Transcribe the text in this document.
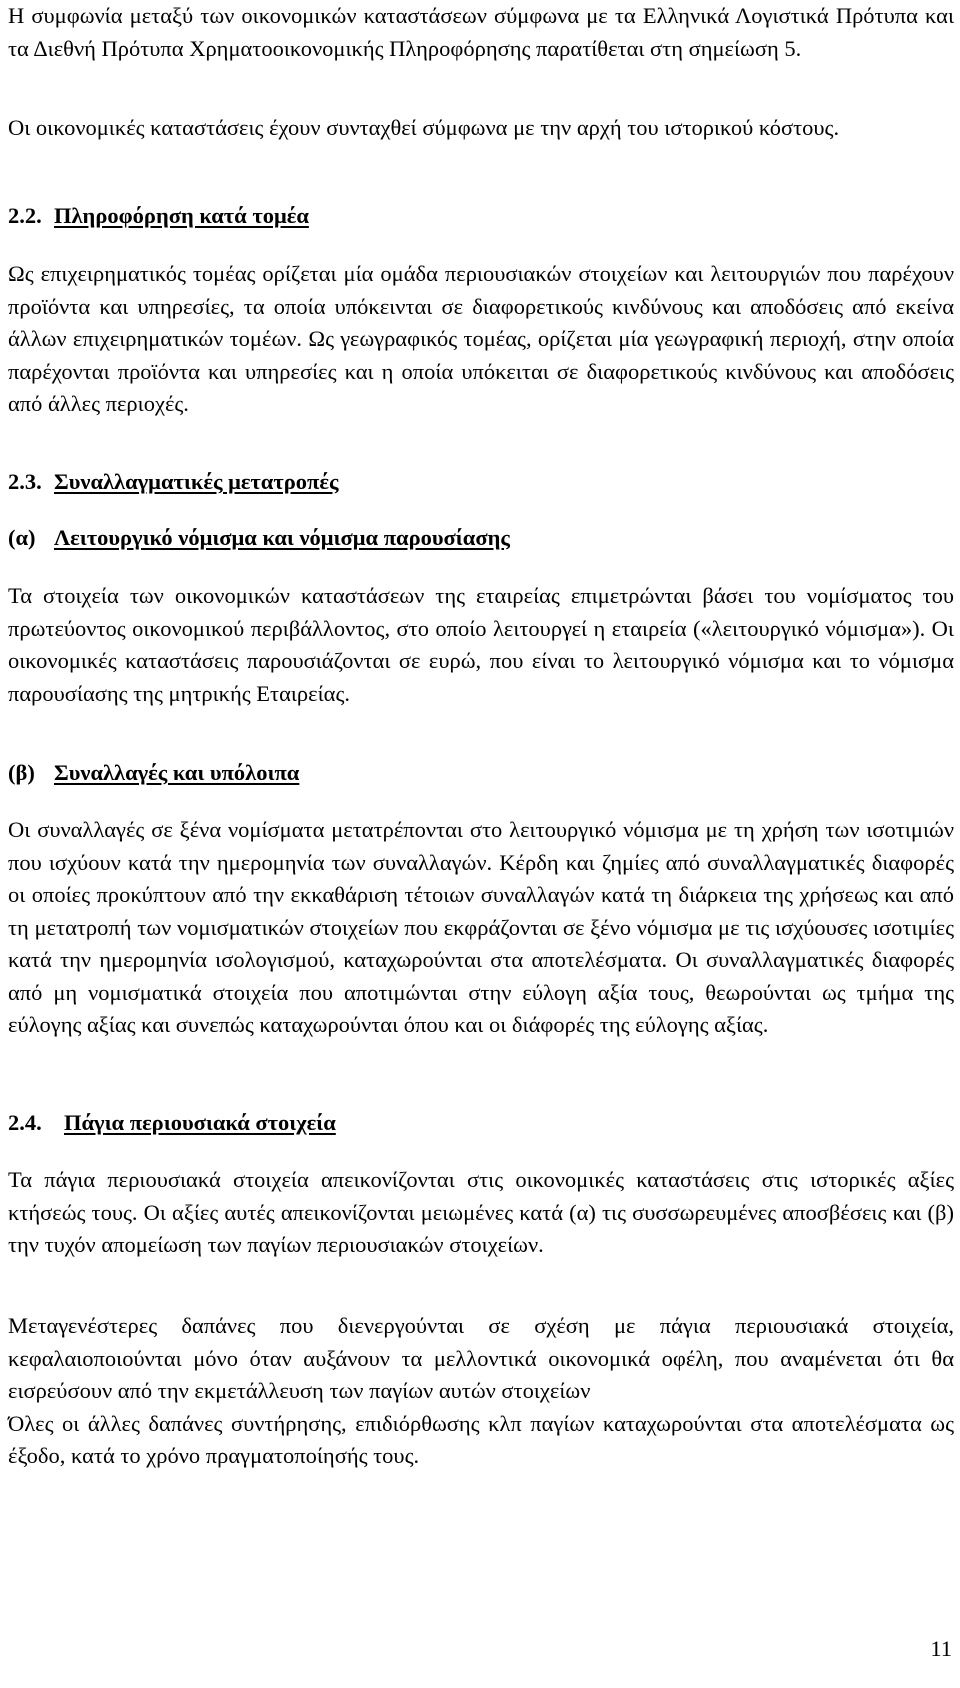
Η συμφωνία μεταξύ των οικονομικών καταστάσεων σύμφωνα με τα Ελληνικά Λογιστικά Πρότυπα και τα Διεθνή Πρότυπα Χρηματοοικονομικής Πληροφόρησης παρατίθεται στη σημείωση 5.

Οι οικονομικές καταστάσεις έχουν συνταχθεί σύμφωνα με την αρχή του ιστορικού κόστους.

2.2. Πληροφόρηση κατά τομέα

Ως επιχειρηματικός τομέας ορίζεται μία ομάδα περιουσιακών στοιχείων και λειτουργιών που παρέχουν προϊόντα και υπηρεσίες, τα οποία υπόκεινται σε διαφορετικούς κινδύνους και αποδόσεις από εκείνα άλλων επιχειρηματικών τομέων. Ως γεωγραφικός τομέας, ορίζεται μία γεωγραφική περιοχή, στην οποία παρέχονται προϊόντα και υπηρεσίες και η οποία υπόκειται σε διαφορετικούς κινδύνους και αποδόσεις από άλλες περιοχές.

2.3. Συναλλαγματικές μετατροπές
(α) Λειτουργικό νόμισμα και νόμισμα παρουσίασης

Τα στοιχεία των οικονομικών καταστάσεων της εταιρείας επιμετρώνται βάσει του νομίσματος του πρωτεύοντος οικονομικού περιβάλλοντος, στο οποίο λειτουργεί η εταιρεία («λειτουργικό νόμισμα»). Οι οικονομικές καταστάσεις παρουσιάζονται σε ευρώ, που είναι το λειτουργικό νόμισμα και το νόμισμα παρουσίασης της μητρικής Εταιρείας.

(β) Συναλλαγές και υπόλοιπα

Οι συναλλαγές σε ξένα νομίσματα μετατρέπονται στο λειτουργικό νόμισμα με τη χρήση των ισοτιμιών που ισχύουν κατά την ημερομηνία των συναλλαγών. Κέρδη και ζημίες από συναλλαγματικές διαφορές οι οποίες προκύπτουν από την εκκαθάριση τέτοιων συναλλαγών κατά τη διάρκεια της χρήσεως και από τη μετατροπή των νομισματικών στοιχείων που εκφράζονται σε ξένο νόμισμα με τις ισχύουσες ισοτιμίες κατά την ημερομηνία ισολογισμού, καταχωρούνται στα αποτελέσματα. Οι συναλλαγματικές διαφορές από μη νομισματικά στοιχεία που αποτιμώνται στην εύλογη αξία τους, θεωρούνται ως τμήμα της εύλογης αξίας και συνεπώς καταχωρούνται όπου και οι διάφορές της εύλογης αξίας.

2.4. Πάγια περιουσιακά στοιχεία

Τα πάγια περιουσιακά στοιχεία απεικονίζονται στις οικονομικές καταστάσεις στις ιστορικές αξίες κτήσεώς τους. Οι αξίες αυτές απεικονίζονται μειωμένες κατά (α) τις συσσωρευμένες αποσβέσεις και (β) την τυχόν απομείωση των παγίων περιουσιακών στοιχείων.

Μεταγενέστερες δαπάνες που διενεργούνται σε σχέση με πάγια περιουσιακά στοιχεία, κεφαλαιοποιούνται μόνο όταν αυξάνουν τα μελλοντικά οικονομικά οφέλη, που αναμένεται ότι θα εισρεύσουν από την εκμετάλλευση των παγίων αυτών στοιχείων

Όλες οι άλλες δαπάνες συντήρησης, επιδιόρθωσης κλπ παγίων καταχωρούνται στα αποτελέσματα ως έξοδο, κατά το χρόνο πραγματοποίησής τους.

11
